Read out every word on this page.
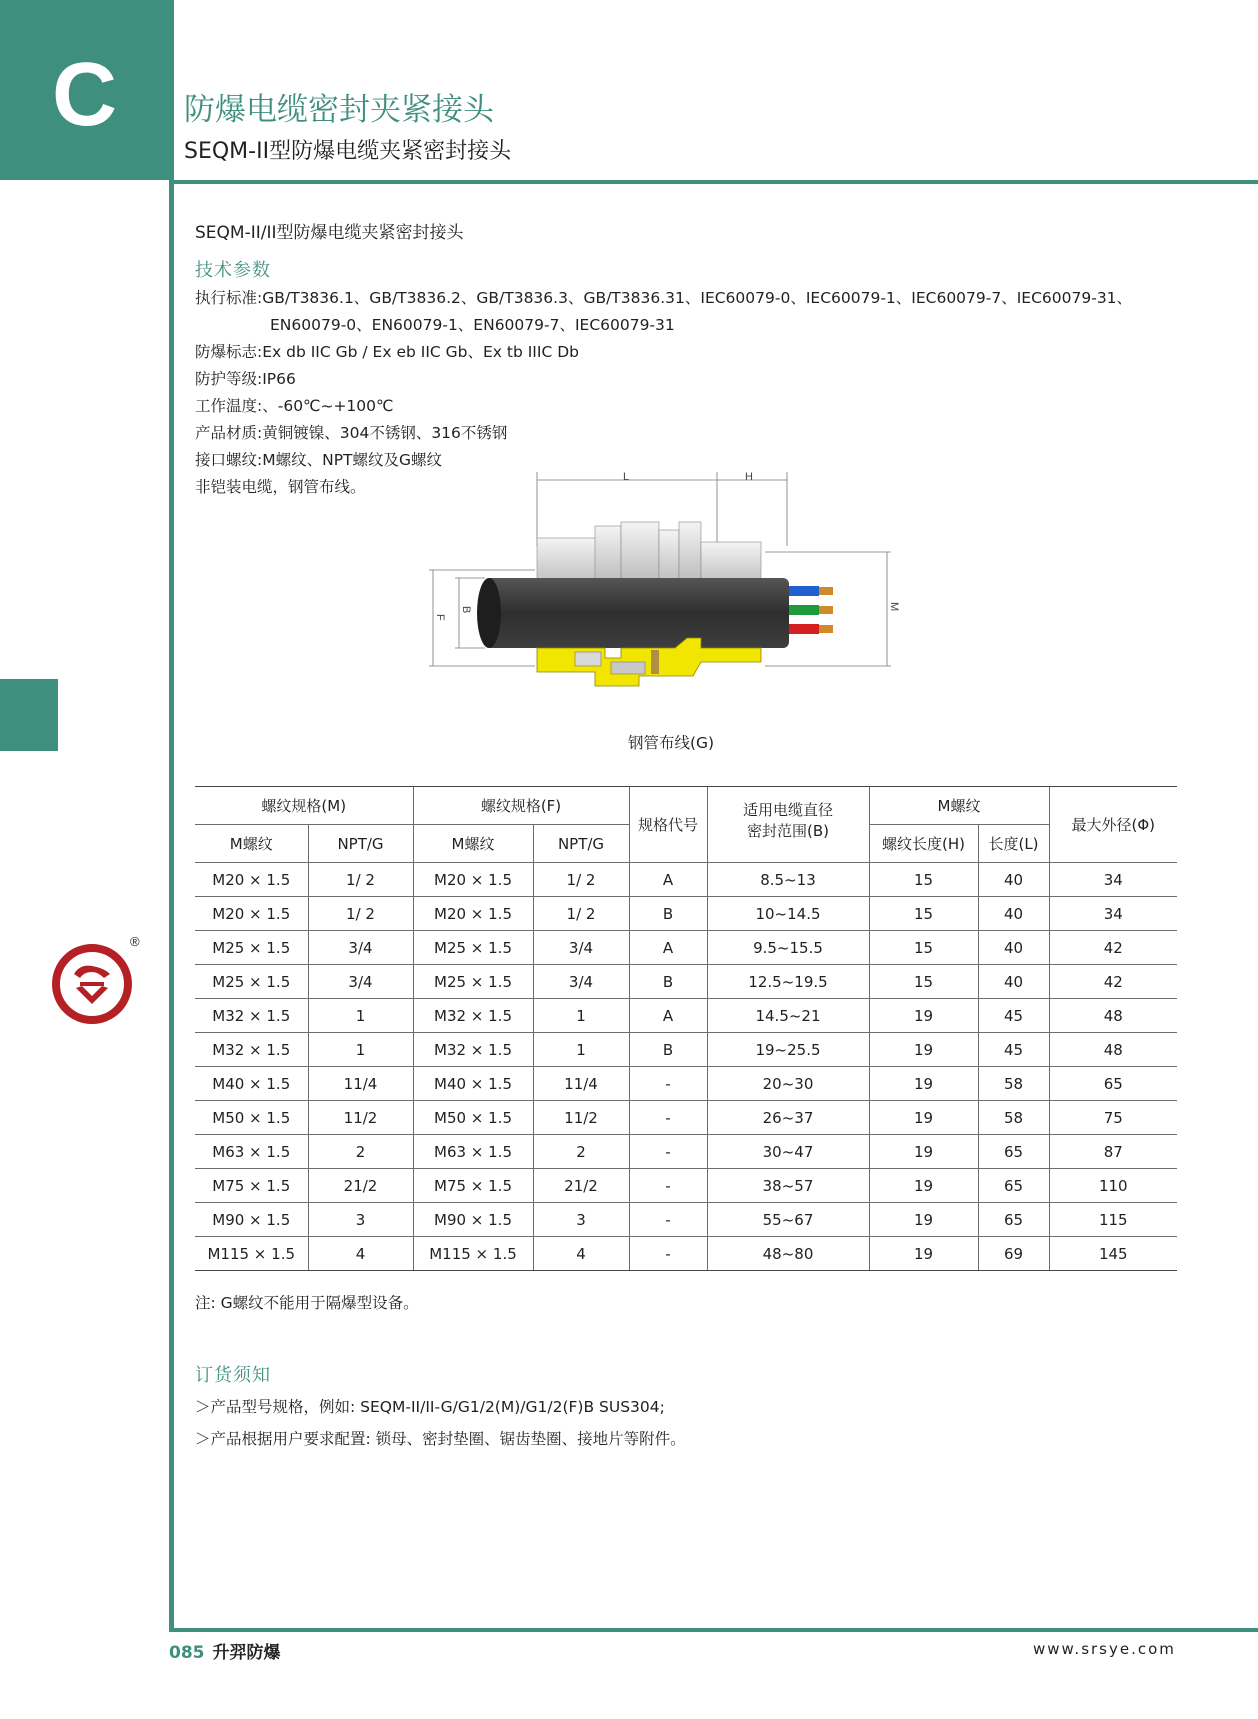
C
®
防爆电缆密封夹紧接头
SEQM-II型防爆电缆夹紧密封接头
SEQM-II/II型防爆电缆夹紧密封接头
技术参数
执行标准:GB/T3836.1、GB/T3836.2、GB/T3836.3、GB/T3836.31、IEC60079-0、IEC60079-1、IEC60079-7、IEC60079-31、
EN60079-0、EN60079-1、EN60079-7、IEC60079-31
防爆标志:Ex db IIC Gb / Ex eb IIC Gb、Ex tb IIIC Db
防护等级:IP66
工作温度:、-60℃~+100℃
产品材质:黄铜镀镍、304不锈钢、316不锈钢
接口螺纹:M螺纹、NPT螺纹及G螺纹
非铠装电缆，钢管布线。
L	H
B
F
M
钢管布线(G)
螺纹规格(M)		螺纹规格(F)		规格代号	适用电缆直径
密封范围(B)	M螺纹		最大外径(Φ)
M螺纹	NPT/G	M螺纹	NPT/G			螺纹长度(H)	长度(L)	
M20 × 1.5	1/ 2	M20 × 1.5	1/ 2	A	8.5~13	15	40	34
M20 × 1.5	1/ 2	M20 × 1.5	1/ 2	B	10~14.5	15	40	34
M25 × 1.5	3/4	M25 × 1.5	3/4	A	9.5~15.5	15	40	42
M25 × 1.5	3/4	M25 × 1.5	3/4	B	12.5~19.5	15	40	42
M32 × 1.5	1	M32 × 1.5	1	A	14.5~21	19	45	48
M32 × 1.5	1	M32 × 1.5	1	B	19~25.5	19	45	48
M40 × 1.5	11/4	M40 × 1.5	11/4	-	20~30	19	58	65
M50 × 1.5	11/2	M50 × 1.5	11/2	-	26~37	19	58	75
M63 × 1.5	2	M63 × 1.5	2	-	30~47	19	65	87
M75 × 1.5	21/2	M75 × 1.5	21/2	-	38~57	19	65	110
M90 × 1.5	3	M90 × 1.5	3	-	55~67	19	65	115
M115 × 1.5	4	M115 × 1.5	4	-	48~80	19	69	145
注: G螺纹不能用于隔爆型设备。
订货须知
＞产品型号规格，例如: SEQM-II/II-G/G1/2(M)/G1/2(F)B SUS304;
＞产品根据用户要求配置: 锁母、密封垫圈、锯齿垫圈、接地片等附件。
085 升羿防爆	www.srsye.com
